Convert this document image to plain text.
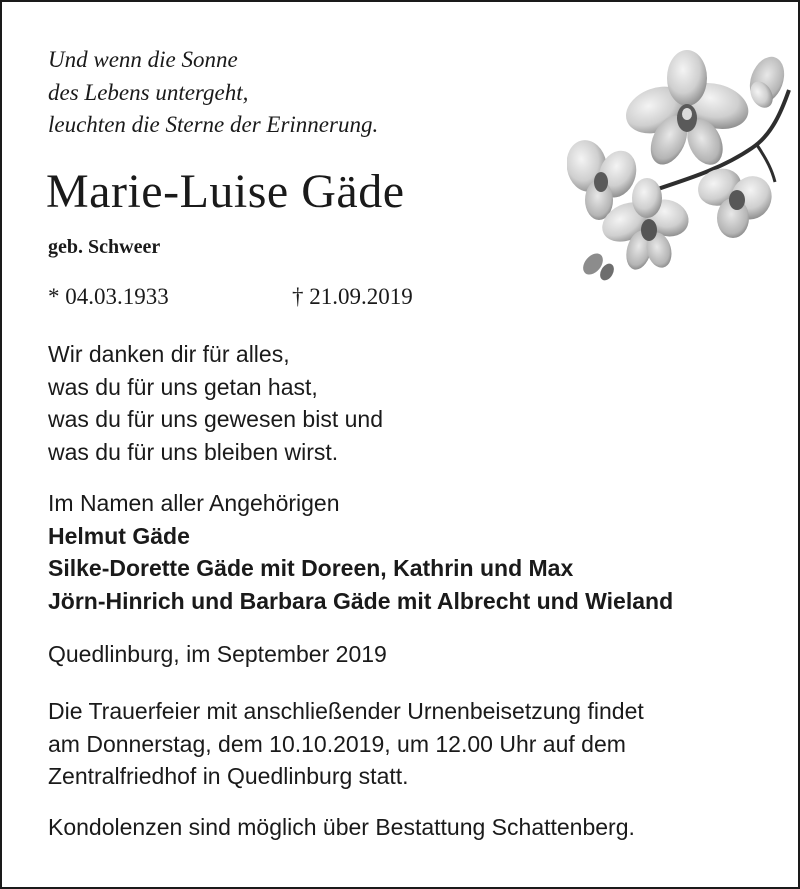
Und wenn die Sonne
des Lebens untergeht,
leuchten die Sterne der Erinnerung.
Marie-Luise Gäde
geb. Schweer
* 04.03.1933	† 21.09.2019
Wir danken dir für alles,
was du für uns getan hast,
was du für uns gewesen bist und
was du für uns bleiben wirst.
Im Namen aller Angehörigen
Helmut Gäde
Silke-Dorette Gäde mit Doreen, Kathrin und Max
Jörn-Hinrich und Barbara Gäde mit Albrecht und Wieland
Quedlinburg, im September 2019
Die Trauerfeier mit anschließender Urnenbeisetzung findet
am Donnerstag, dem 10.10.2019, um 12.00 Uhr auf dem
Zentralfriedhof in Quedlinburg statt.
Kondolenzen sind möglich über Bestattung Schattenberg.
